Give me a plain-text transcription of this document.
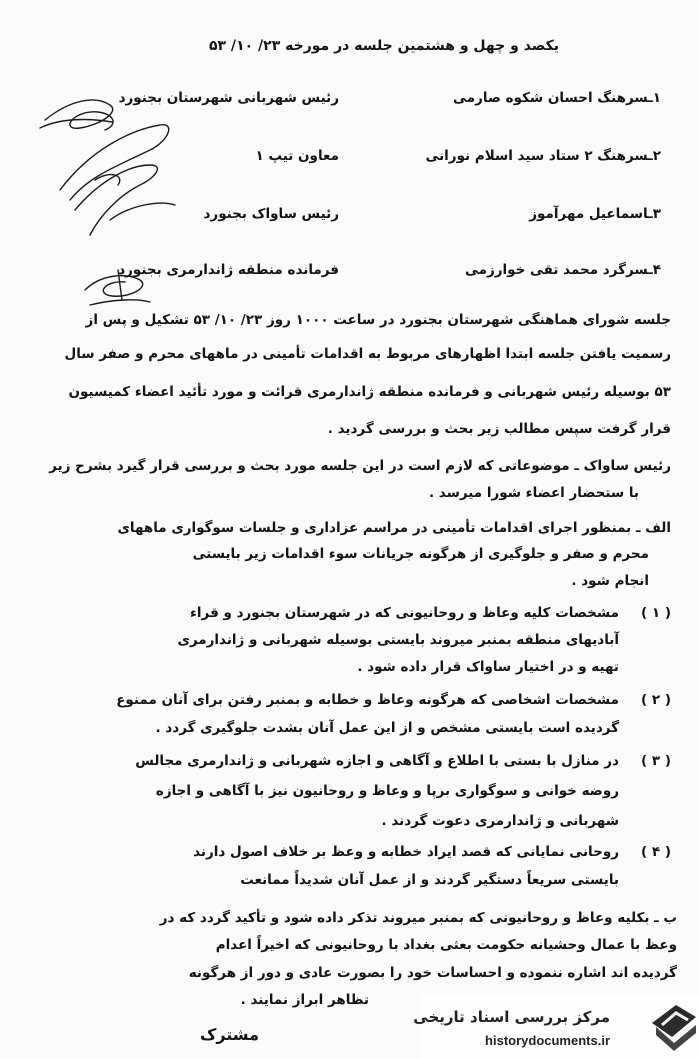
یکصد و چهل و هشتمین جلسه در مورخه ۲۳/ ۱۰/ ۵۳
۱ـسرهنگ احسان شکوه صارمی
رئیس شهربانی شهرستان بجنورد
۲ـسرهنگ ۲ ستاد سید اسلام نورانی
معاون تیپ ۱
۳ـاسماعیل مهرآموز
رئیس ساواک بجنورد
۴ـسرگرد محمد تقی خوارزمی
فرمانده منطقه ژاندارمری بجنورد
جلسه شورای هماهنگی شهرستان بجنورد در ساعت ۱۰۰۰ روز ۲۳/ ۱۰/ ۵۳ تشکیل و پس از
رسمیت یافتن جلسه ابتدا اظهارهای مربوط به اقدامات تأمینی در ماههای محرم و صفر سال
۵۳ بوسیله رئیس شهربانی و فرمانده منطقه ژاندارمری قرائت و مورد تأئید اعضاء کمیسیون
قرار گرفت سپس مطالب زیر بحث و بررسی گردید .
رئیس ساواک ـ موضوعاتی که لازم است در این جلسه مورد بحث و بررسی قرار گیرد بشرح زیر
با ستحضار اعضاء شورا میرسد .
الف ـ بمنظور اجرای اقدامات تأمینی در مراسم عزاداری و جلسات سوگواری ماههای
محرم و صفر و جلوگیری از هرگونه جریانات سوء اقدامات زیر بایستی
انجام شود .
( ۱ )
مشخصات کلیه وعاظ و روحانیونی که در شهرستان بجنورد و قراء
آبادیهای منطقه بمنبر میروند بایستی بوسیله شهربانی و ژاندارمری
تهیه و در اختیار ساواک قرار داده شود .
( ۲ )
مشخصات اشخاصی که هرگونه وعاظ و خطابه و بمنبر رفتن برای آنان ممنوع
گردیده است بایستی مشخص و از این عمل آنان بشدت جلوگیری گردد .
( ۳ )
در منازل با بستی با اطلاع و آگاهی و اجازه شهربانی و ژاندارمری مجالس
روضه خوانی و سوگواری برپا و وعاظ و روحانیون نیز با آگاهی و اجازه
شهربانی و ژاندارمری دعوت گردند .
( ۴ )
روحانی نمایانی که قصد ایراد خطابه و وعظ بر خلاف اصول دارند
بایستی سریعاً دستگیر گردند و از عمل آنان شدیداً ممانعت
ب ـ بکلیه وعاظ و روحانیونی که بمنبر میروند تذکر داده شود و تأکید گردد که در
وعظ با عمال وحشیانه حکومت بعثی بغداد با روحانیونی که اخیراً اعدام
گردیده اند اشاره ننموده و احساسات خود را بصورت عادی و دور از هرگونه
تظاهر ابراز نمایند .
مشترک
مرکز بررسی اسناد تاریخی
historydocuments.ir
